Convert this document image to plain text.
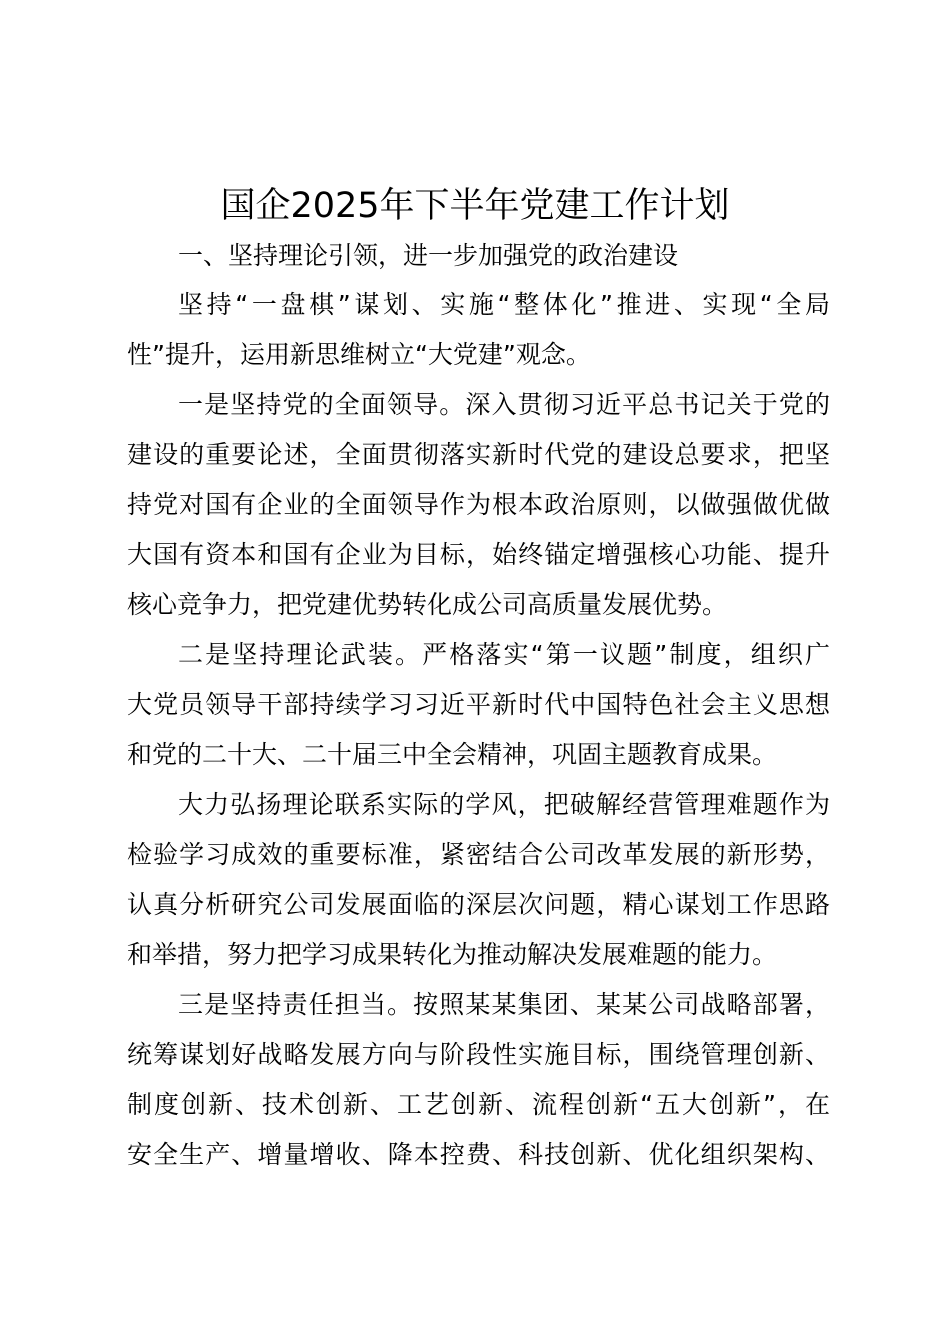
国企2025年下半年党建工作计划
一、坚持理论引领，进一步加强党的政治建设
坚持“一盘棋”谋划、实施“整体化”推进、实现“全局
性”提升，运用新思维树立“大党建”观念。
一是坚持党的全面领导。深入贯彻习近平总书记关于党的
建设的重要论述，全面贯彻落实新时代党的建设总要求，把坚
持党对国有企业的全面领导作为根本政治原则，以做强做优做
大国有资本和国有企业为目标，始终锚定增强核心功能、提升
核心竞争力，把党建优势转化成公司高质量发展优势。
二是坚持理论武装。严格落实“第一议题”制度，组织广
大党员领导干部持续学习习近平新时代中国特色社会主义思想
和党的二十大、二十届三中全会精神，巩固主题教育成果。
大力弘扬理论联系实际的学风，把破解经营管理难题作为
检验学习成效的重要标准，紧密结合公司改革发展的新形势，
认真分析研究公司发展面临的深层次问题，精心谋划工作思路
和举措，努力把学习成果转化为推动解决发展难题的能力。
三是坚持责任担当。按照某某集团、某某公司战略部署，
统筹谋划好战略发展方向与阶段性实施目标，围绕管理创新、
制度创新、技术创新、工艺创新、流程创新“五大创新”，在
安全生产、增量增收、降本控费、科技创新、优化组织架构、
